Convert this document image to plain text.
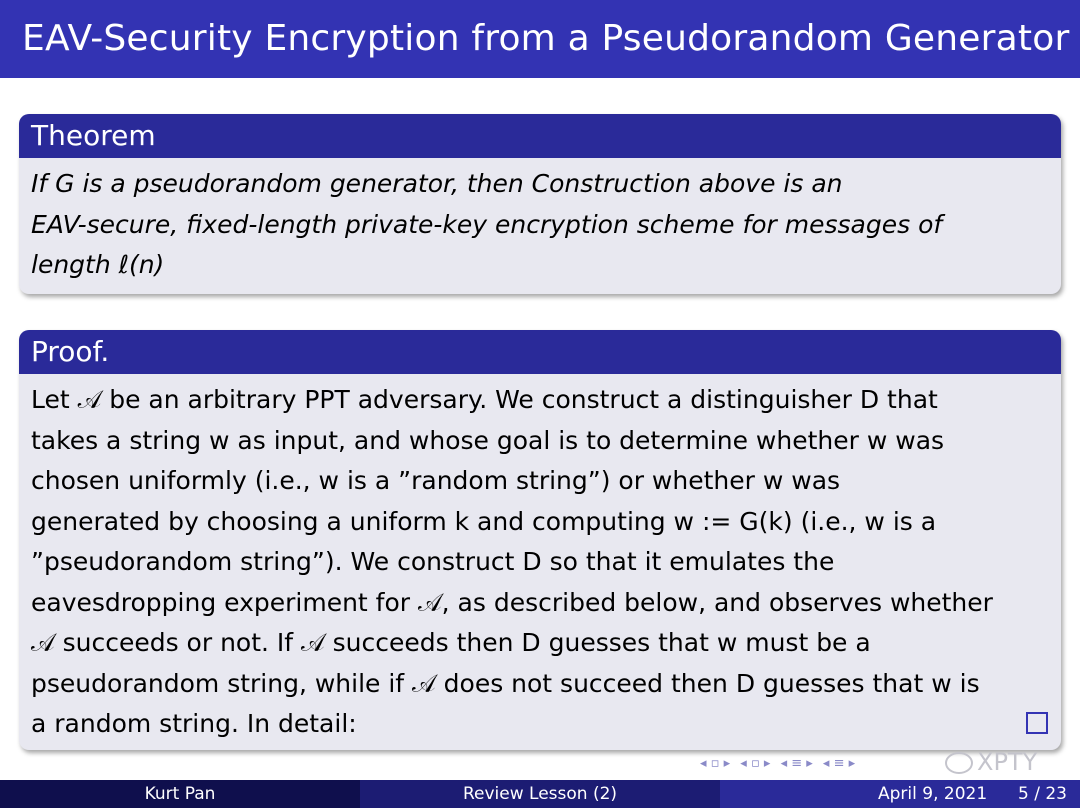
EAV-Security Encryption from a Pseudorandom Generator
Theorem
If G is a pseudorandom generator, then Construction above is an
EAV-secure, fixed-length private-key encryption scheme for messages of
length ℓ(n)
Proof.
Let 𝒜 be an arbitrary PPT adversary. We construct a distinguisher D that
takes a string w as input, and whose goal is to determine whether w was
chosen uniformly (i.e., w is a ”random string”) or whether w was
generated by choosing a uniform k and computing w := G(k) (i.e., w is a
”pseudorandom string”). We construct D so that it emulates the
eavesdropping experiment for 𝒜, as described below, and observes whether
𝒜 succeeds or not. If 𝒜 succeeds then D guesses that w must be a
pseudorandom string, while if 𝒜 does not succeed then D guesses that w is
a random string. In detail:
◂ ▫ ▸ ◂ ▫ ▸ ◂ ≡ ▸ ◂ ≡ ▸	XPTY
Kurt Pan	Review Lesson (2)	April 9, 2021 5 / 23
